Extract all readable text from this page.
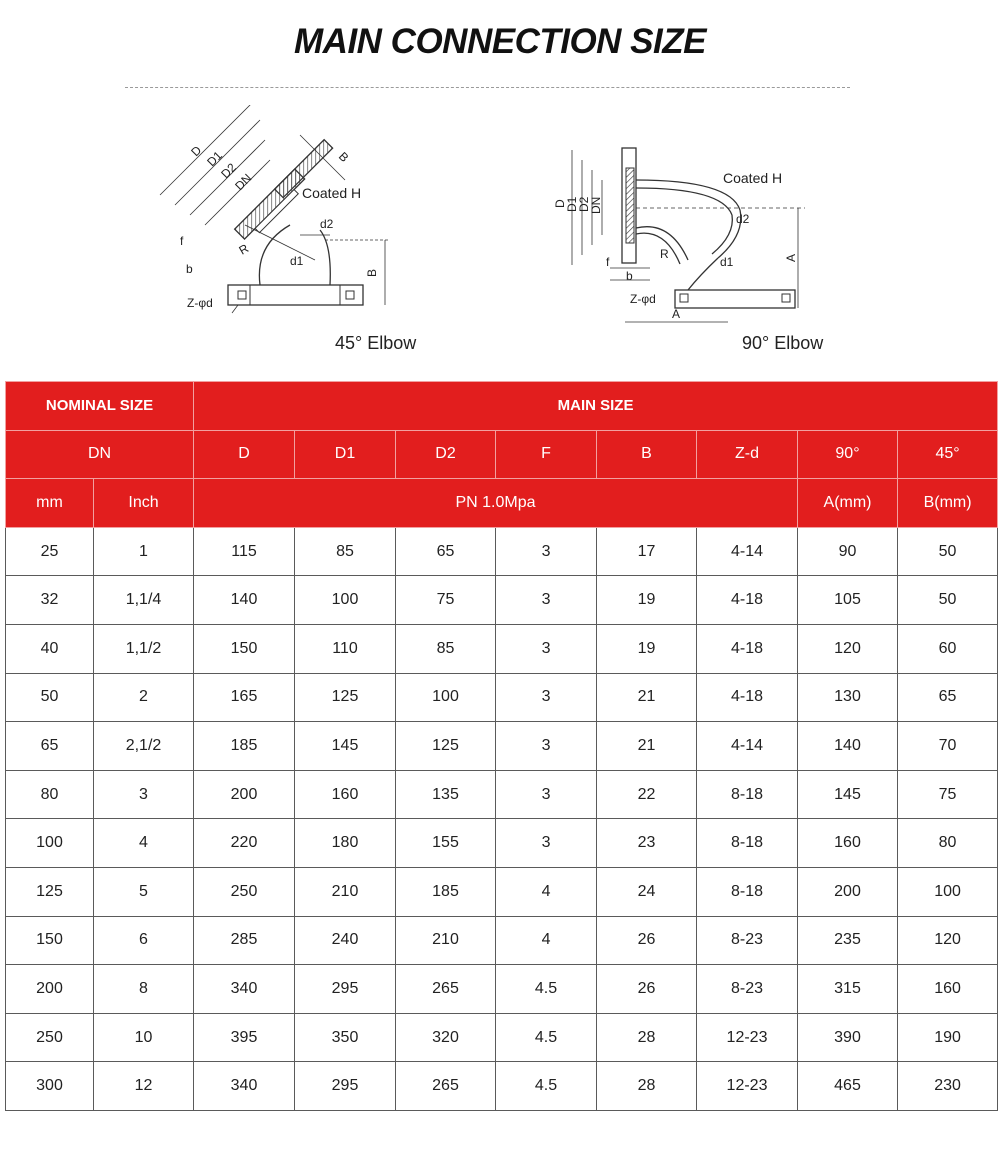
MAIN CONNECTION SIZE
D D1
D2
DN
B
Coated H
d2
d1
R
f
b
Z-φd
B
45° Elbow
D
D1
D2
DN
Coated H
d2
d1
R
f
b
Z-φd
A
A
90° Elbow
NOMINAL SIZE		MAIN SIZE							
DN		D	D1	D2	F	B	Z-d	90°	45°
mm	Inch	PN 1.0Mpa						A(mm)	B(mm)
25	1	115	85	65	3	17	4-14	90	50
32	1,1/4	140	100	75	3	19	4-18	105	50
40	1,1/2	150	110	85	3	19	4-18	120	60
50	2	165	125	100	3	21	4-18	130	65
65	2,1/2	185	145	125	3	21	4-14	140	70
80	3	200	160	135	3	22	8-18	145	75
100	4	220	180	155	3	23	8-18	160	80
125	5	250	210	185	4	24	8-18	200	100
150	6	285	240	210	4	26	8-23	235	120
200	8	340	295	265	4.5	26	8-23	315	160
250	10	395	350	320	4.5	28	12-23	390	190
300	12	340	295	265	4.5	28	12-23	465	230
